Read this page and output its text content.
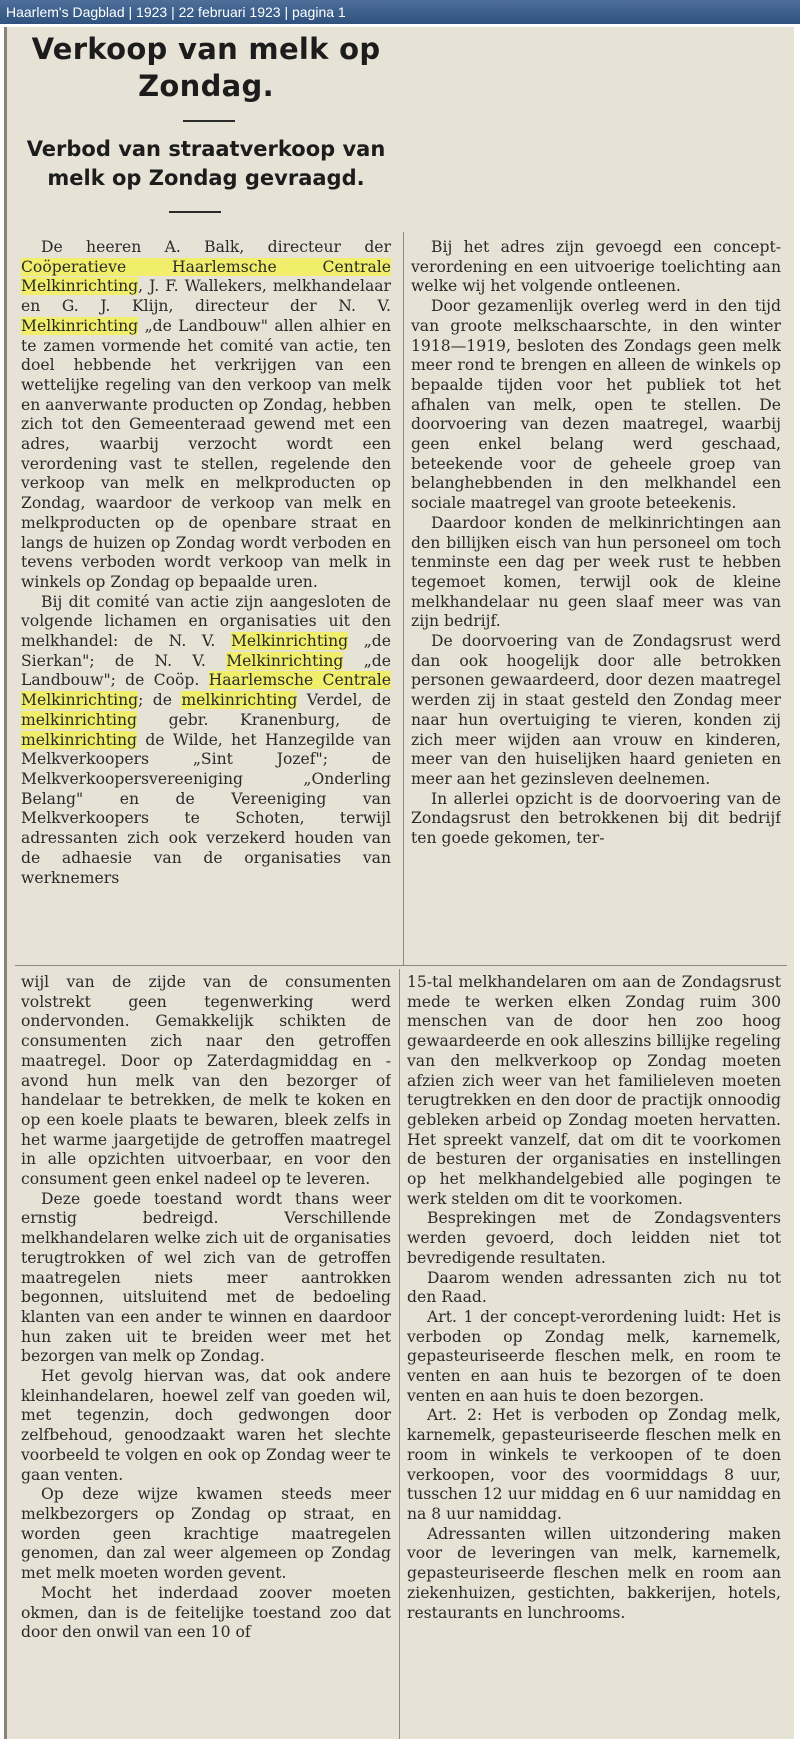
Haarlem's Dagblad | 1923 | 22 februari 1923 | pagina 1
Verkoop van melk op Zondag.
Verbod van straatverkoop van melk op Zondag gevraagd.

De heeren A. Balk, directeur der Coöperatieve Haarlemsche Centrale Melkinrichting, J. F. Wallekers, melkhandelaar en G. J. Klijn, directeur der N. V. Melkinrichting „de Landbouw" allen alhier en te zamen vormende het comité van actie, ten doel hebbende het verkrijgen van een wettelijke regeling van den verkoop van melk en aanverwante producten op Zondag, hebben zich tot den Gemeenteraad gewend met een adres, waarbij verzocht wordt een verordening vast te stellen, regelende den verkoop van melk en melkproducten op Zondag, waardoor de verkoop van melk en melkproducten op de openbare straat en langs de huizen op Zondag wordt verboden en tevens verboden wordt verkoop van melk in winkels op Zondag op bepaalde uren.

Bij dit comité van actie zijn aangesloten de volgende lichamen en organisaties uit den melkhandel: de N. V. Melkinrichting „de Sierkan"; de N. V. Melkinrichting „de Landbouw"; de Coöp. Haarlemsche Centrale Melkinrichting; de melkinrichting Verdel, de melkinrichting gebr. Kranenburg, de melkinrichting de Wilde, het Hanzegilde van Melkverkoopers „Sint Jozef"; de Melkverkoopersvereeniging „Onderling Belang" en de Vereeniging van Melkverkoopers te Schoten, terwijl adressanten zich ook verzekerd houden van de adhaesie van de organisaties van werknemers

Bij het adres zijn gevoegd een concept-verordening en een uitvoerige toelichting aan welke wij het volgende ontleenen.

Door gezamenlijk overleg werd in den tijd van groote melkschaarschte, in den winter 1918—1919, besloten des Zondags geen melk meer rond te brengen en alleen de winkels op bepaalde tijden voor het publiek tot het afhalen van melk, open te stellen. De doorvoering van dezen maatregel, waarbij geen enkel belang werd geschaad, beteekende voor de geheele groep van belanghebbenden in den melkhandel een sociale maatregel van groote beteekenis.

Daardoor konden de melkinrichtingen aan den billijken eisch van hun personeel om toch tenminste een dag per week rust te hebben tegemoet komen, terwijl ook de kleine melkhandelaar nu geen slaaf meer was van zijn bedrijf.

De doorvoering van de Zondagsrust werd dan ook hoogelijk door alle betrokken personen gewaardeerd, door dezen maatregel werden zij in staat gesteld den Zondag meer naar hun overtuiging te vieren, konden zij zich meer wijden aan vrouw en kinderen, meer van den huiselijken haard genieten en meer aan het gezinsleven deelnemen.

In allerlei opzicht is de doorvoering van de Zondagsrust den betrokkenen bij dit bedrijf ten goede gekomen, ter-

wijl van de zijde van de consumenten volstrekt geen tegenwerking werd ondervonden. Gemakkelijk schikten de consumenten zich naar den getroffen maatregel. Door op Zaterdagmiddag en -avond hun melk van den bezorger of handelaar te betrekken, de melk te koken en op een koele plaats te bewaren, bleek zelfs in het warme jaargetijde de getroffen maatregel in alle opzichten uitvoerbaar, en voor den consument geen enkel nadeel op te leveren.

Deze goede toestand wordt thans weer ernstig bedreigd. Verschillende melkhandelaren welke zich uit de organisaties terugtrokken of wel zich van de getroffen maatregelen niets meer aantrokken begonnen, uitsluitend met de bedoeling klanten van een ander te winnen en daardoor hun zaken uit te breiden weer met het bezorgen van melk op Zondag.

Het gevolg hiervan was, dat ook andere kleinhandelaren, hoewel zelf van goeden wil, met tegenzin, doch gedwongen door zelfbehoud, genoodzaakt waren het slechte voorbeeld te volgen en ook op Zondag weer te gaan venten.

Op deze wijze kwamen steeds meer melkbezorgers op Zondag op straat, en worden geen krachtige maatregelen genomen, dan zal weer algemeen op Zondag met melk moeten worden gevent.

Mocht het inderdaad zoover moeten okmen, dan is de feitelijke toestand zoo dat door den onwil van een 10 of

15-tal melkhandelaren om aan de Zondagsrust mede te werken elken Zondag ruim 300 menschen van de door hen zoo hoog gewaardeerde en ook alleszins billijke regeling van den melkverkoop op Zondag moeten afzien zich weer van het familieleven moeten terugtrekken en den door de practijk onnoodig gebleken arbeid op Zondag moeten hervatten. Het spreekt vanzelf, dat om dit te voorkomen de besturen der organisaties en instellingen op het melkhandelgebied alle pogingen te werk stelden om dit te voorkomen.

Besprekingen met de Zondagsventers werden gevoerd, doch leidden niet tot bevredigende resultaten.

Daarom wenden adressanten zich nu tot den Raad.

Art. 1 der concept-verordening luidt: Het is verboden op Zondag melk, karnemelk, gepasteuriseerde fleschen melk, en room te venten en aan huis te bezorgen of te doen venten en aan huis te doen bezorgen.

Art. 2: Het is verboden op Zondag melk, karnemelk, gepasteuriseerde fleschen melk en room in winkels te verkoopen of te doen verkoopen, voor des voormiddags 8 uur, tusschen 12 uur middag en 6 uur namiddag en na 8 uur namiddag.

Adressanten willen uitzondering maken voor de leveringen van melk, karnemelk, gepasteuriseerde fleschen melk en room aan ziekenhuizen, gestichten, bakkerijen, hotels, restaurants en lunchrooms.
